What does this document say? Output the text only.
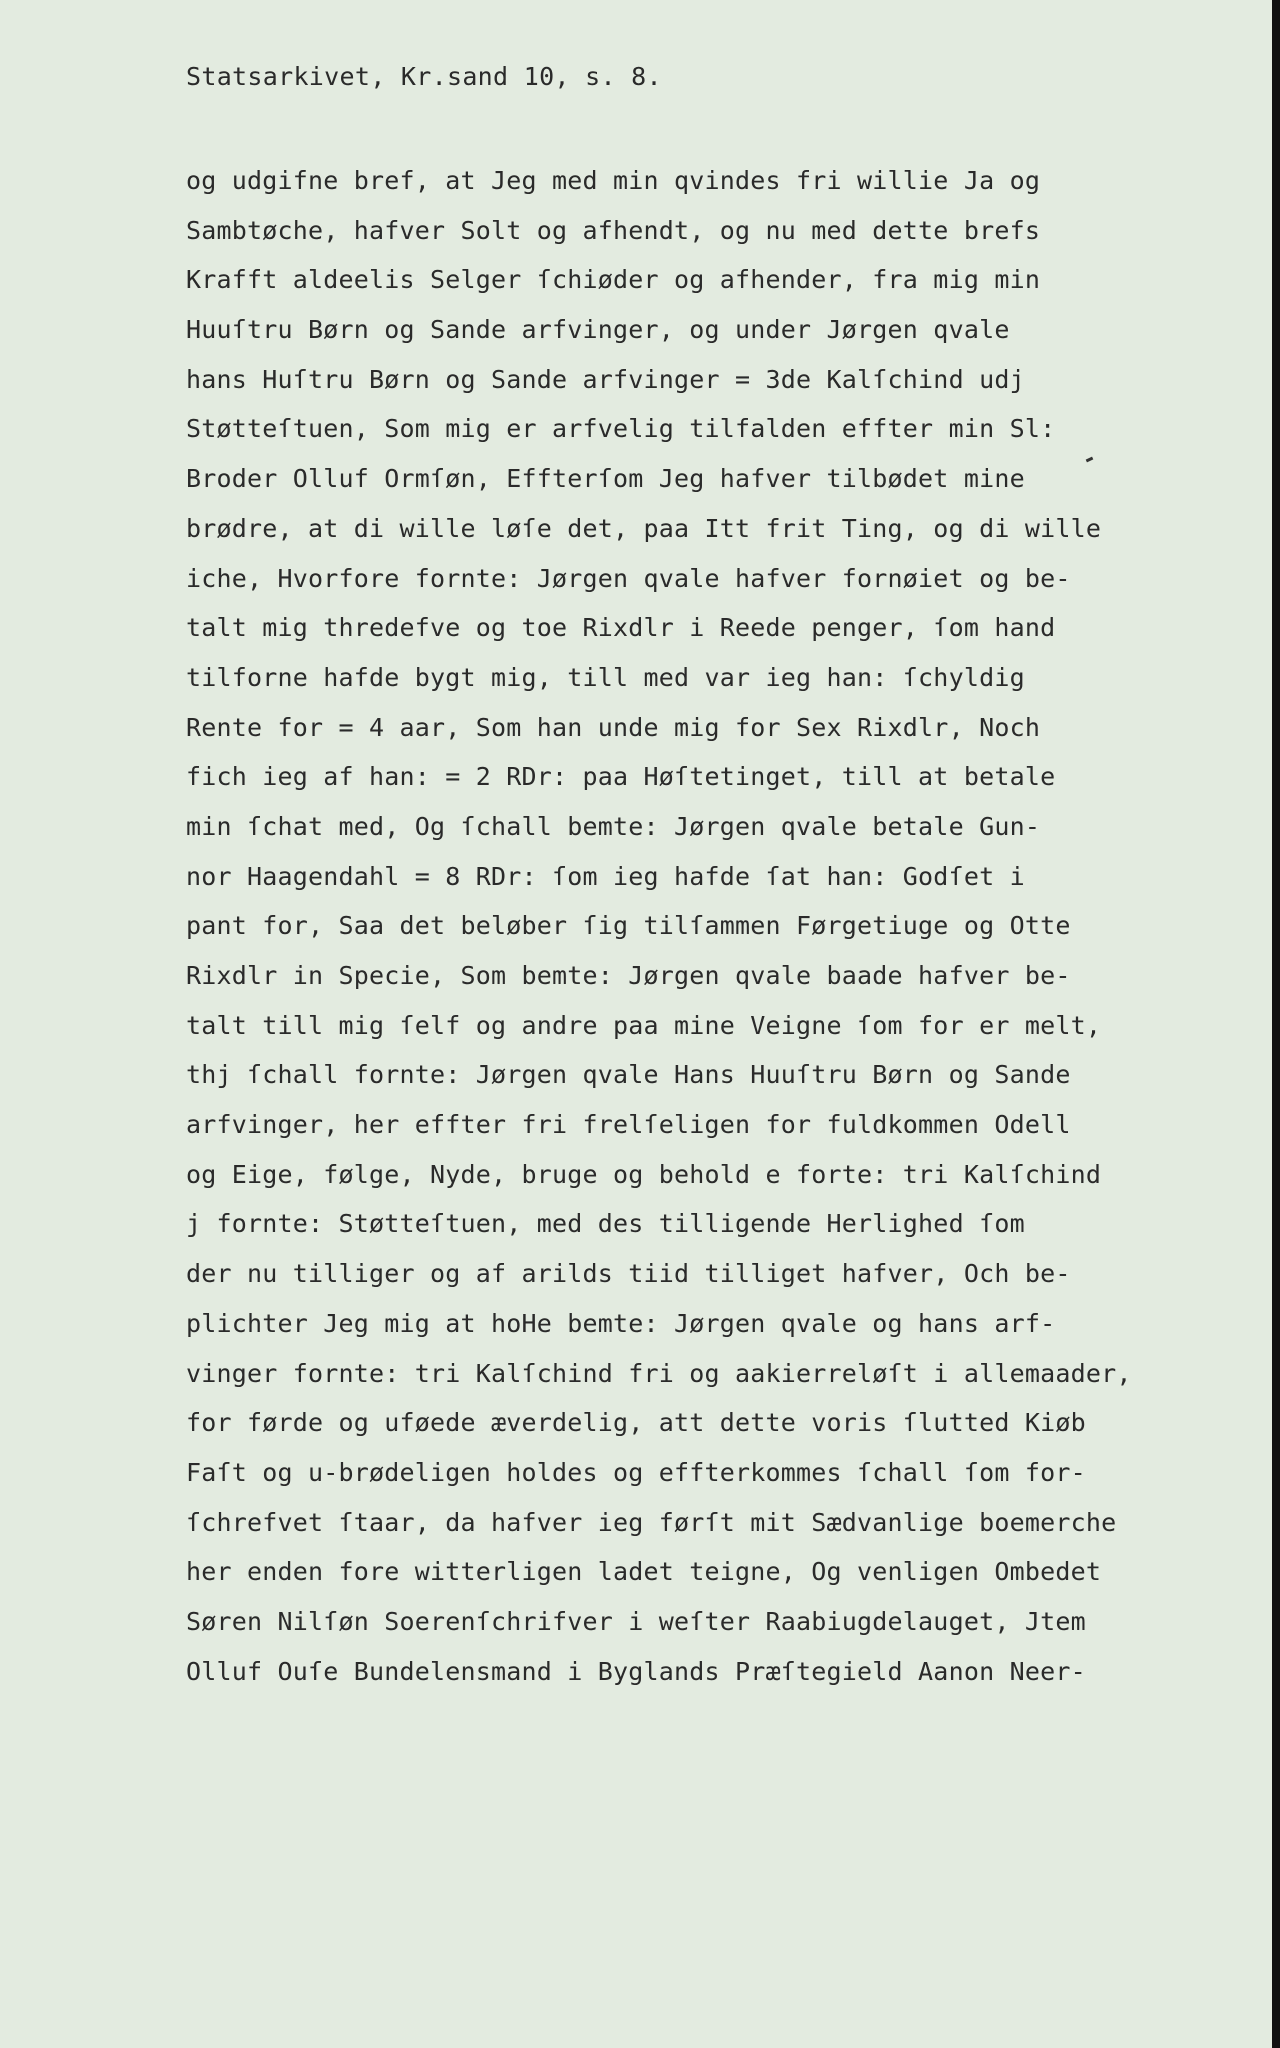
Statsarkivet, Kr.sand 10, s. 8.
og udgifne bref, at Jeg med min qvindes fri willie Ja og
Sambtøche, hafver Solt og afhendt, og nu med dette brefs
Krafft aldeelis Selger ſchiøder og afhender, fra mig min
Huuſtru Børn og Sande arfvinger, og under Jørgen qvale
hans Huſtru Børn og Sande arfvinger = 3de Kalſchind udj
Støtteſtuen, Som mig er arfvelig tilfalden effter min Sl:
Broder Olluf Ormſøn, Effterſom Jeg hafver tilbødet mine
brødre, at di wille løſe det, paa Itt frit Ting, og di wille
iche, Hvorfore fornte: Jørgen qvale hafver fornøiet og be-
talt mig thredefve og toe Rixdlr i Reede penger, ſom hand
tilforne hafde bygt mig, till med var ieg han: ſchyldig
Rente for = 4 aar, Som han unde mig for Sex Rixdlr, Noch
fich ieg af han: = 2 RDr: paa Høſtetinget, till at betale
min ſchat med, Og ſchall bemte: Jørgen qvale betale Gun-
nor Haagendahl = 8 RDr: ſom ieg hafde ſat han: Godſet i
pant for, Saa det beløber ſig tilſammen Førgetiuge og Otte
Rixdlr in Specie, Som bemte: Jørgen qvale baade hafver be-
talt till mig ſelf og andre paa mine Veigne ſom for er melt,
thj ſchall fornte: Jørgen qvale Hans Huuſtru Børn og Sande
arfvinger, her effter fri frelſeligen for fuldkommen Odell
og Eige, følge, Nyde, bruge og behold e forte: tri Kalſchind
j fornte: Støtteſtuen, med des tilligende Herlighed ſom
der nu tilliger og af arilds tiid tilliget hafver, Och be-
plichter Jeg mig at hoHe bemte: Jørgen qvale og hans arf-
vinger fornte: tri Kalſchind fri og aakierreløſt i allemaader,
for førde og uføede æverdelig, att dette voris ſlutted Kiøb
Faſt og u-brødeligen holdes og effterkommes ſchall ſom for-
ſchrefvet ſtaar, da hafver ieg førſt mit Sædvanlige boemerche
her enden fore witterligen ladet teigne, Og venligen Ombedet
Søren Nilſøn Soerenſchrifver i weſter Raabiugdelauget, Jtem
Olluf Ouſe Bundelensmand i Byglands Præſtegield Aanon Neer-
